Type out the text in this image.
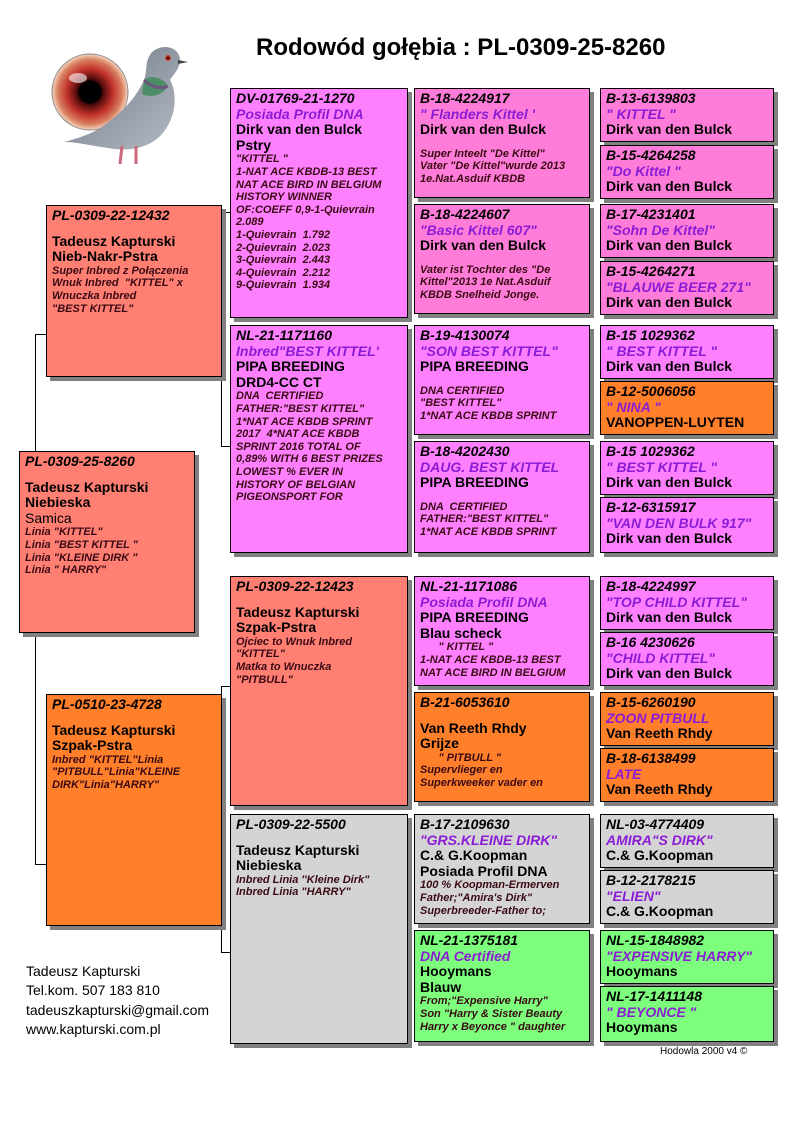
Rodowód gołębia : PL-0309-25-8260
PL-0309-25-8260
Tadeusz Kapturski
Niebieska
Samica
Linia "KITTEL"
Linia "BEST KITTEL "
Linia "KLEINE DIRK "
Linia " HARRY"
PL-0309-22-12432
Tadeusz Kapturski
Nieb-Nakr-Pstra
Super Inbred z Połączenia
Wnuk Inbred  "KITTEL" x
Wnuczka Inbred
"BEST KITTEL"
PL-0510-23-4728
Tadeusz Kapturski
Szpak-Pstra
Inbred "KITTEL"Linia
"PITBULL"Linia"KLEINE
DIRK"Linia"HARRY"
DV-01769-21-1270
Posiada Profil DNA
Dirk van den Bulck
Pstry
"KITTEL "
1-NAT ACE KBDB-13 BEST
NAT ACE BIRD IN BELGIUM
HISTORY WINNER
OF:COEFF 0,9-1-Quievrain
2.089
1-Quievrain  1.792
2-Quievrain  2.023
3-Quievrain  2.443
4-Quievrain  2.212
9-Quievrain  1.934
NL-21-1171160
Inbred"BEST KITTEL'
PIPA BREEDING
DRD4-CC CT
DNA  CERTIFIED
FATHER:"BEST KITTEL"
1*NAT ACE KBDB SPRINT
2017  4*NAT ACE KBDB
SPRINT 2016 TOTAL OF
0,89% WITH 6 BEST PRIZES
LOWEST % EVER IN
HISTORY OF BELGIAN
PIGEONSPORT FOR
PL-0309-22-12423
Tadeusz Kapturski
Szpak-Pstra
Ojciec to Wnuk Inbred
"KITTEL"
Matka to Wnuczka
"PITBULL"
PL-0309-22-5500
Tadeusz Kapturski
Niebieska
Inbred Linia ''Kleine Dirk"
Inbred Linia "HARRY"
B-18-4224917
" Flanders Kittel '
Dirk van den Bulck
Super Inteelt "De Kittel"
Vater "De Kittel"wurde 2013
1e.Nat.Asduif KBDB
B-18-4224607
"Basic Kittel 607"
Dirk van den Bulck
Vater ist Tochter des "De
Kittel"2013 1e Nat.Asduif
KBDB Snelheid Jonge.
B-19-4130074
"SON BEST KITTEL"
PIPA BREEDING
DNA CERTIFIED
"BEST KITTEL"
1*NAT ACE KBDB SPRINT
B-18-4202430
DAUG. BEST KITTEL
PIPA BREEDING
DNA  CERTIFIED
FATHER:"BEST KITTEL"
1*NAT ACE KBDB SPRINT
NL-21-1171086
Posiada Profil DNA
PIPA BREEDING
Blau scheck
" KITTEL "
1-NAT ACE KBDB-13 BEST
NAT ACE BIRD IN BELGIUM
B-21-6053610
Van Reeth Rhdy
Grijze
" PITBULL "
Supervlieger en
Superkweeker vader en
B-17-2109630
"GRS.KLEINE DIRK"
C.& G.Koopman
Posiada Profil DNA
100 % Koopman-Ermerven
Father;"Amira's Dirk"
Superbreeder-Father to;
NL-21-1375181
DNA Certified
Hooymans
Blauw
From;"Expensive Harry"
Son "Harry & Sister Beauty
Harry x Beyonce " daughter
B-13-6139803
" KITTEL "
Dirk van den Bulck
B-15-4264258
"Do Kittel "
Dirk van den Bulck
B-17-4231401
"Sohn De Kittel"
Dirk van den Bulck
B-15-4264271
"BLAUWE BEER 271"
Dirk van den Bulck
B-15 1029362
" BEST KITTEL "
Dirk van den Bulck
B-12-5006056
" NINA "
VANOPPEN-LUYTEN
B-15 1029362
" BEST KITTEL "
Dirk van den Bulck
B-12-6315917
"VAN DEN BULK 917"
Dirk van den Bulck
B-18-4224997
"TOP CHILD KITTEL"
Dirk van den Bulck
B-16 4230626
"CHILD KITTEL"
Dirk van den Bulck
B-15-6260190
ZOON PITBULL
Van Reeth Rhdy
B-18-6138499
LATE
Van Reeth Rhdy
NL-03-4774409
AMIRA"S DIRK"
C.& G.Koopman
B-12-2178215
"ELIEN"
C.& G.Koopman
NL-15-1848982
"EXPENSIVE HARRY"
Hooymans
NL-17-1411148
" BEYONCE "
Hooymans
Tadeusz Kapturski
Tel.kom. 507 183 810
tadeuszkapturski@gmail.com
www.kapturski.com.pl
Hodowla 2000 v4 ©
